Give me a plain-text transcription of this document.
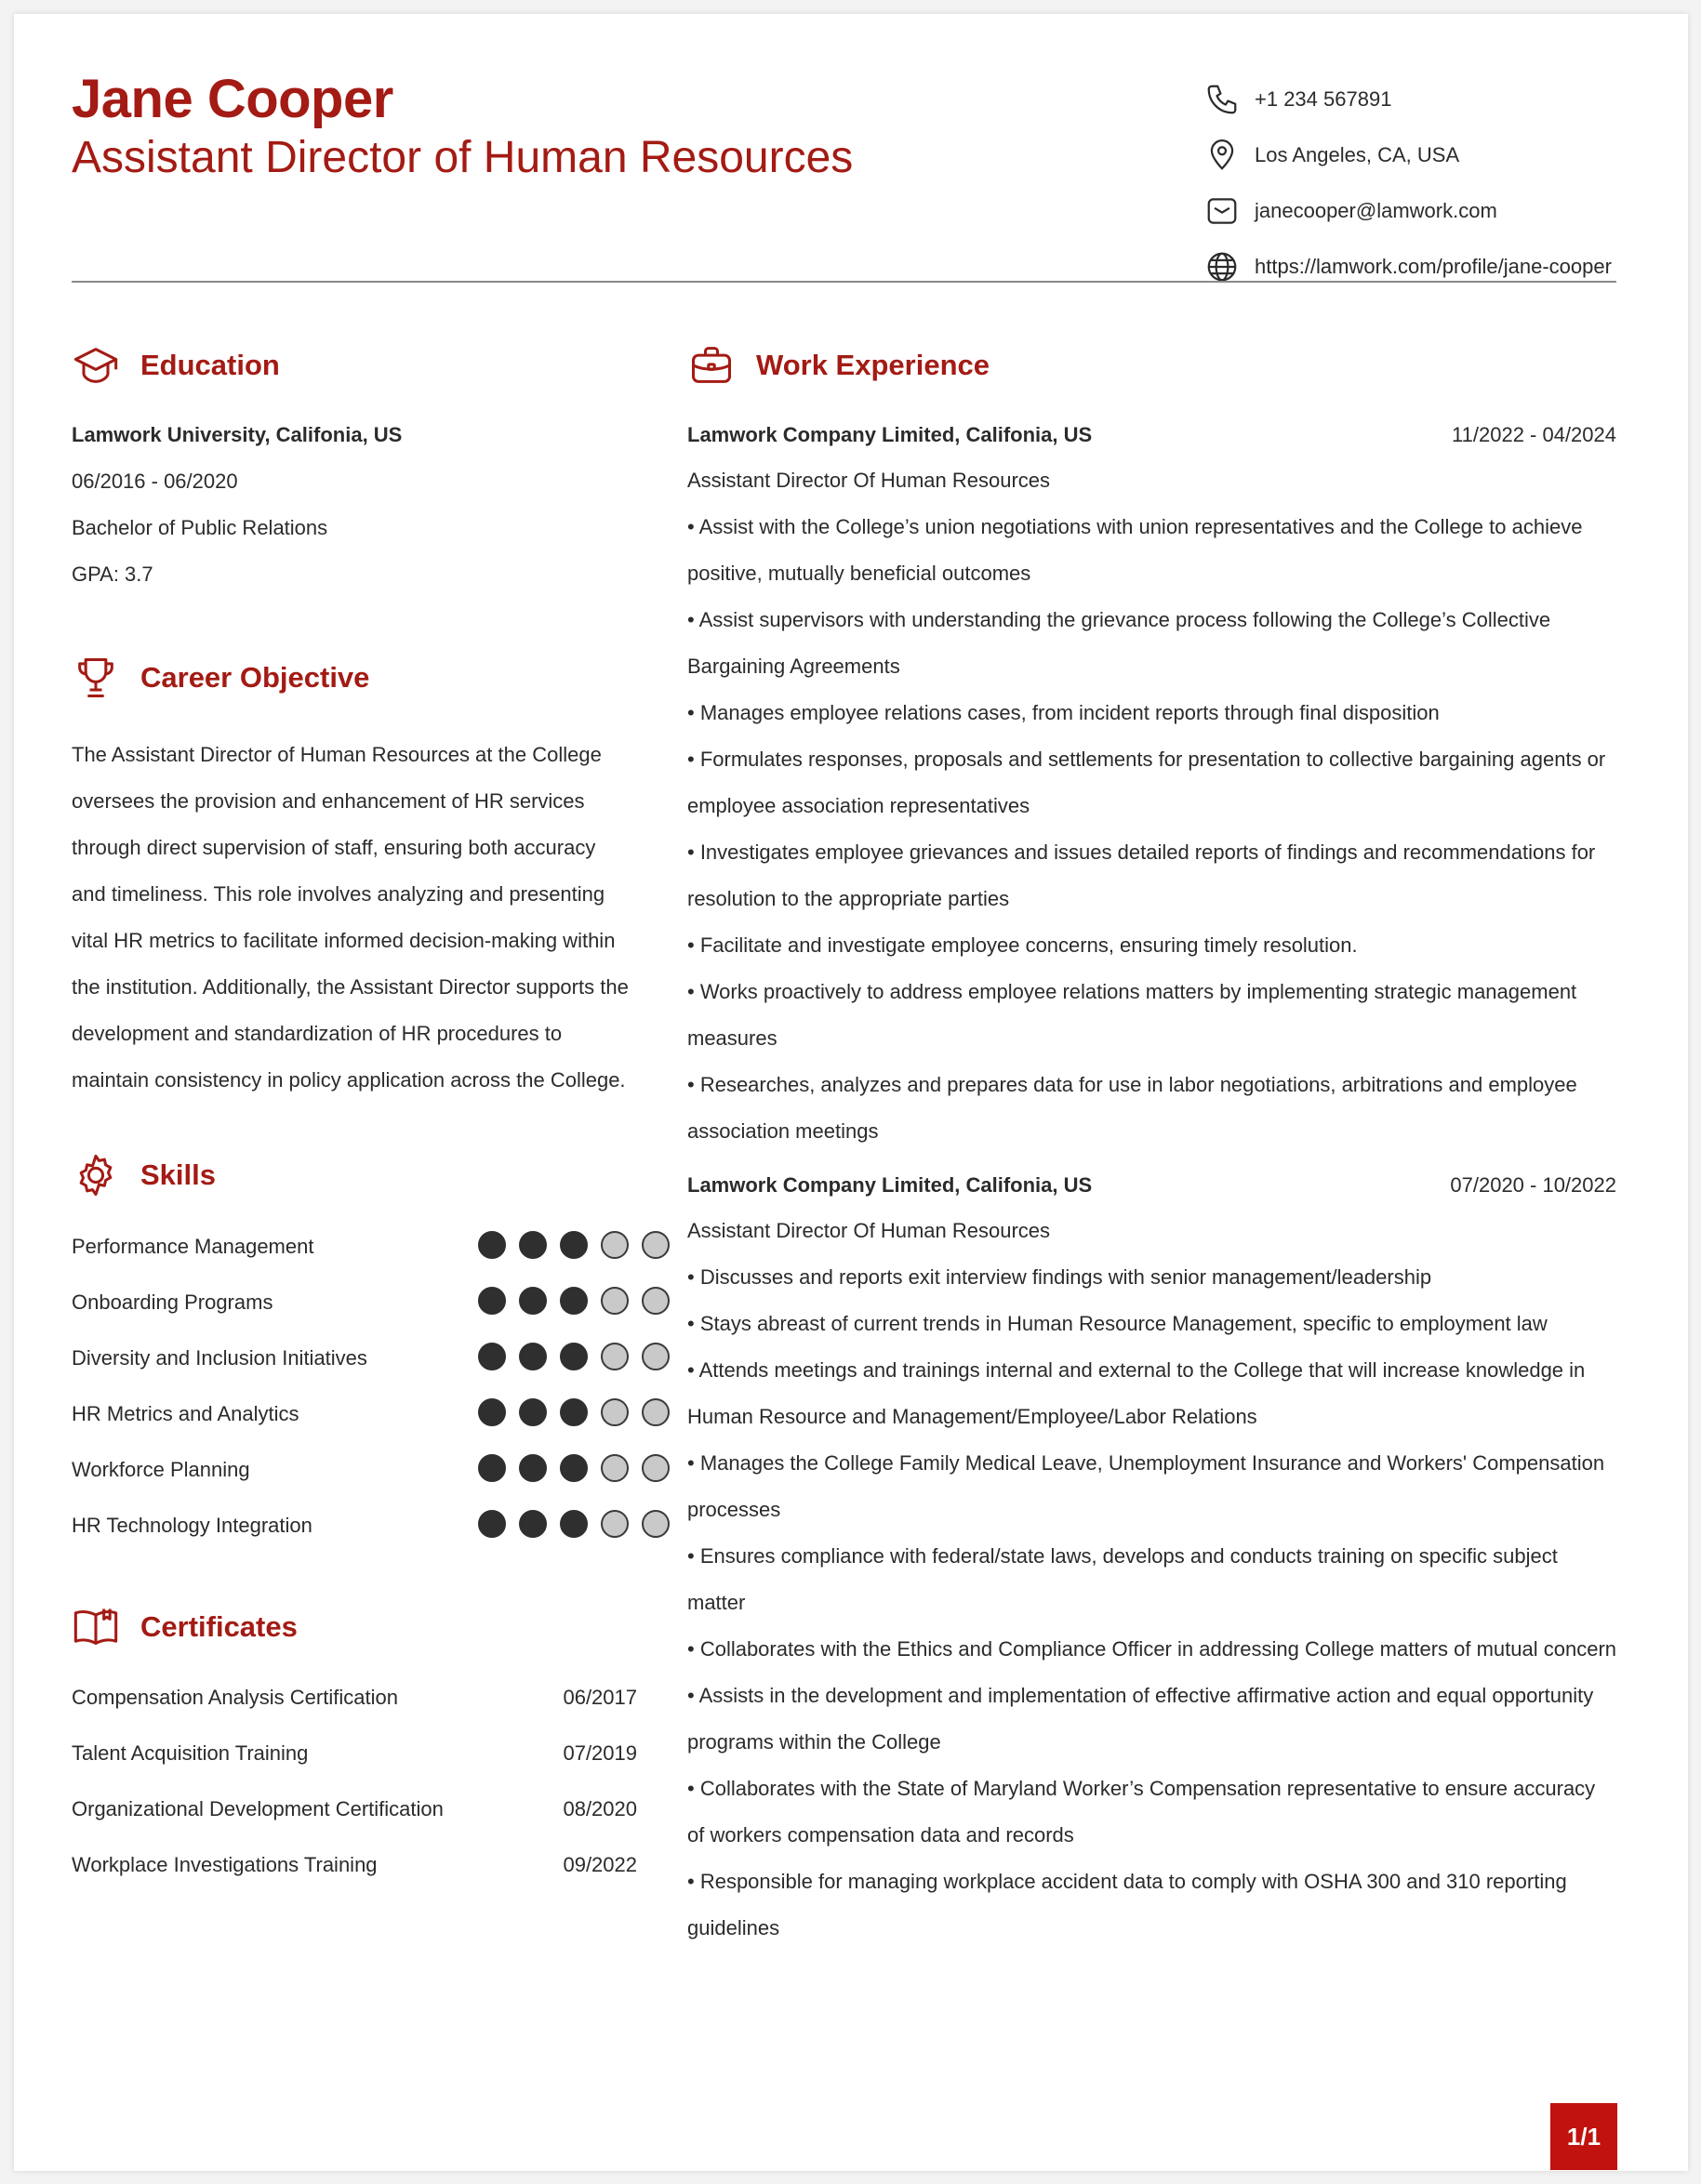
Jane Cooper
Assistant Director of Human Resources
+1 234 567891
Los Angeles, CA, USA
janecooper@lamwork.com
https://lamwork.com/profile/jane-cooper
Education
Lamwork University, Califonia, US
06/2016 - 06/2020
Bachelor of Public Relations
GPA: 3.7
Career Objective
The Assistant Director of Human Resources at the College oversees the provision and enhancement of HR services through direct supervision of staff, ensuring both accuracy and timeliness. This role involves analyzing and presenting vital HR metrics to facilitate informed decision-making within the institution. Additionally, the Assistant Director supports the development and standardization of HR procedures to maintain consistency in policy application across the College.
Skills
Performance Management
Onboarding Programs
Diversity and Inclusion Initiatives
HR Metrics and Analytics
Workforce Planning
HR Technology Integration
Certificates
Compensation Analysis Certification	06/2017
Talent Acquisition Training	07/2019
Organizational Development Certification	08/2020
Workplace Investigations Training	09/2022
Work Experience
Lamwork Company Limited, Califonia, US	11/2022 - 04/2024

Assistant Director Of Human Resources

• Assist with the College’s union negotiations with union representatives and the College to achieve positive, mutually beneficial outcomes
• Assist supervisors with understanding the grievance process following the College’s Collective Bargaining Agreements
• Manages employee relations cases, from incident reports through final disposition
• Formulates responses, proposals and settlements for presentation to collective bargaining agents or employee association representatives
• Investigates employee grievances and issues detailed reports of findings and recommendations for resolution to the appropriate parties
• Facilitate and investigate employee concerns, ensuring timely resolution.
• Works proactively to address employee relations matters by implementing strategic management measures
• Researches, analyzes and prepares data for use in labor negotiations, arbitrations and employee association meetings
Lamwork Company Limited, Califonia, US	07/2020 - 10/2022

Assistant Director Of Human Resources

• Discusses and reports exit interview findings with senior management/leadership
• Stays abreast of current trends in Human Resource Management, specific to employment law
• Attends meetings and trainings internal and external to the College that will increase knowledge in Human Resource and Management/Employee/Labor Relations
• Manages the College Family Medical Leave, Unemployment Insurance and Workers' Compensation processes
• Ensures compliance with federal/state laws, develops and conducts training on specific subject matter
• Collaborates with the Ethics and Compliance Officer in addressing College matters of mutual concern
• Assists in the development and implementation of effective affirmative action and equal opportunity programs within the College
• Collaborates with the State of Maryland Worker’s Compensation representative to ensure accuracy of workers compensation data and records
• Responsible for managing workplace accident data to comply with OSHA 300 and 310 reporting guidelines
1/1
